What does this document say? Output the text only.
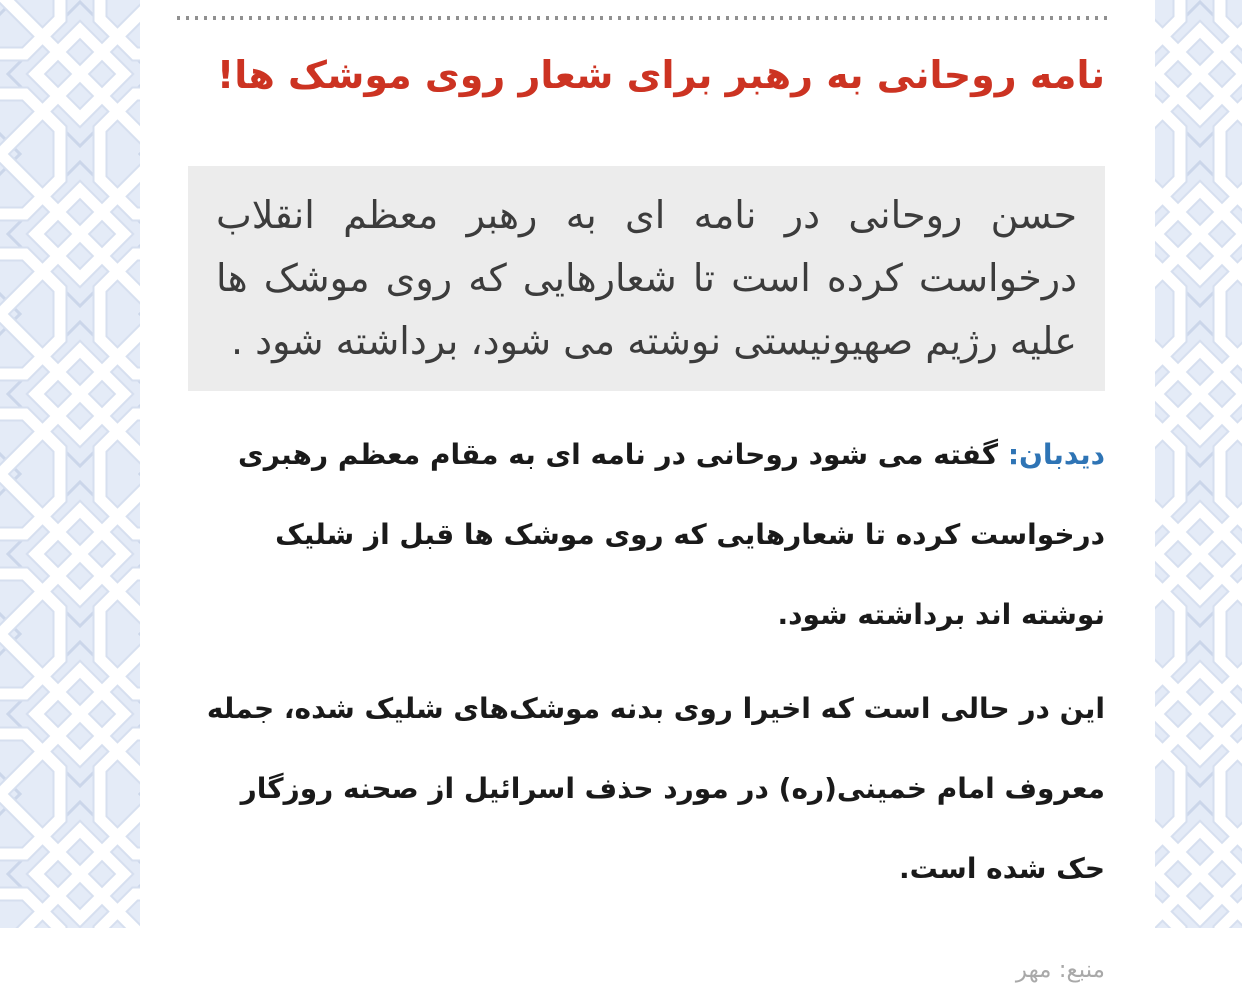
نامه روحانی به رهبر برای شعار روی موشک ها!
حسن روحانی در نامه ای به رهبر معظم انقلاب درخواست کرده است تا شعارهایی که روی موشک ها علیه رژیم صهیونیستی نوشته می شود، برداشته شود .

دیدبان: گفته می شود روحانی در نامه ای به مقام معظم رهبری درخواست کرده تا شعارهایی که روی موشک ها قبل از شلیک نوشته اند برداشته شود.

این در حالی است که اخیرا روی بدنه موشک‌های شلیک شده، جمله معروف امام خمینی(ره) در مورد حذف اسرائیل از صحنه روزگار حک شده است.

منبع: مهر
